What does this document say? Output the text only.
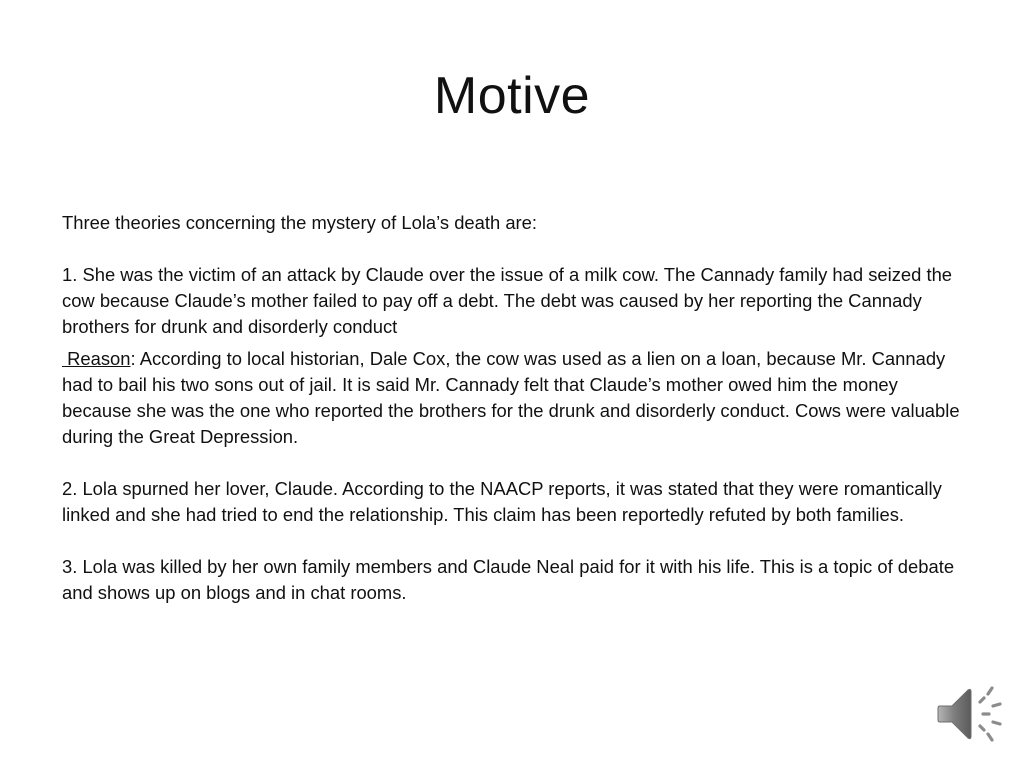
Motive

Three theories concerning the mystery of Lola’s death are:

1. She was the victim of an attack by Claude over the issue of a milk cow. The Cannady family had seized the cow because Claude’s mother failed to pay off a debt. The debt was caused by her reporting the Cannady brothers for drunk and disorderly conduct

Reason: According to local historian, Dale Cox, the cow was used as a lien on a loan, because Mr. Cannady had to bail his two sons out of jail. It is said Mr. Cannady felt that Claude’s mother owed him the money because she was the one who reported the brothers for the drunk and disorderly conduct. Cows were valuable during the Great Depression.

2. Lola spurned her lover, Claude. According to the NAACP reports, it was stated that they were romantically linked and she had tried to end the relationship. This claim has been reportedly refuted by both families.

3. Lola was killed by her own family members and Claude Neal paid for it with his life. This is a topic of debate and shows up on blogs and in chat rooms.
